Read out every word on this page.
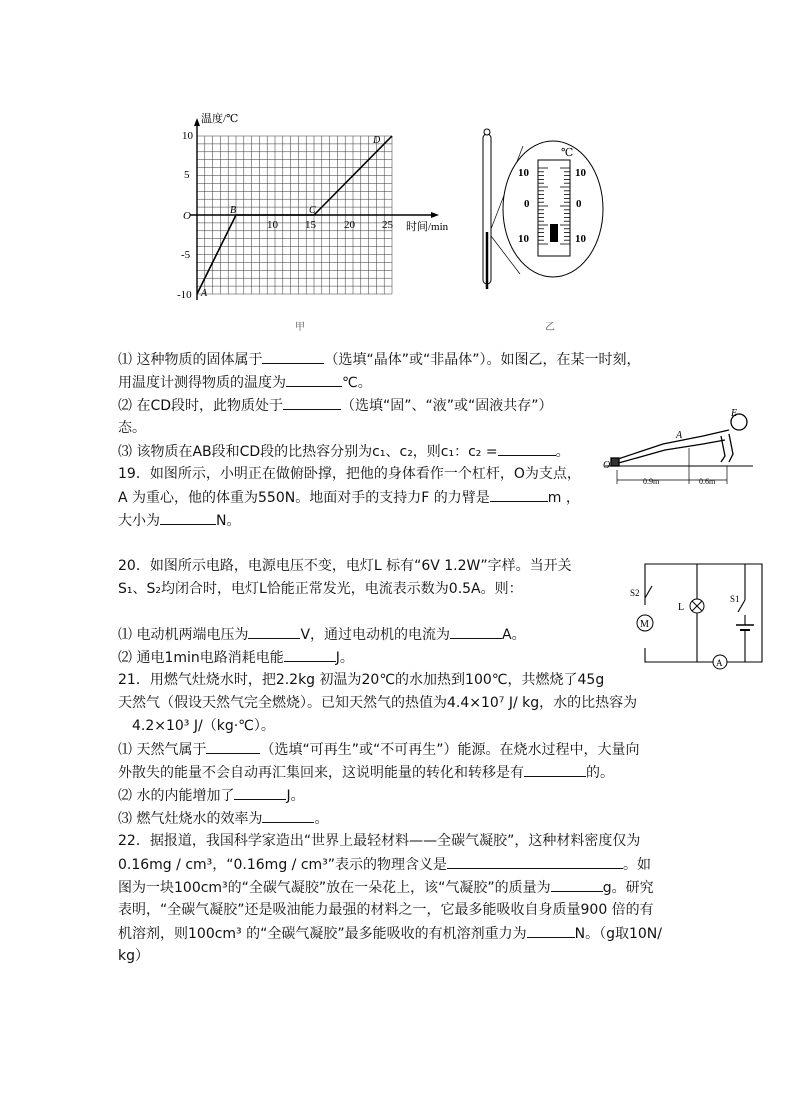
温度/℃
时间/min
10
5
O
-5
-10
10 15	20 25
A
B	C
D
甲
℃
10
0
10
10
0
10
乙
E
A
O
0.9m	0.6m
S2
S1
L
M
A
⑴ 这种物质的固体属于	（选填“晶体”或“非晶体”）。如图乙，在某一时刻，
用温度计测得物质的温度为	℃。
⑵ 在CD段时，此物质处于	（选填“固”、“液”或“固液共存”）
态。
⑶ 该物质在AB段和CD段的比热容分别为c₁、c₂，则c₁：c₂ =	。
19．如图所示，小明正在做俯卧撑，把他的身体看作一个杠杆，O为支点，
A 为重心，他的体重为550N。地面对手的支持力F 的力臂是	m ，
大小为	N。
20．如图所示电路，电源电压不变，电灯L 标有“6V 1.2W”字样。当开关
S₁、S₂均闭合时，电灯L恰能正常发光，电流表示数为0.5A。则：
⑴ 电动机两端电压为	V，通过电动机的电流为	A。
⑵ 通电1min电路消耗电能	J。
21．用燃气灶烧水时，把2.2kg 初温为20℃的水加热到100℃，共燃烧了45g
天然气（假设天然气完全燃烧）。已知天然气的热值为4.4×10⁷ J/ kg，水的比热容为
4.2×10³ J/（kg·℃）。
⑴ 天然气属于	（选填“可再生”或“不可再生”）能源。在烧水过程中，大量向
外散失的能量不会自动再汇集回来，这说明能量的转化和转移是有	的。
⑵ 水的内能增加了	J。
⑶ 燃气灶烧水的效率为	。
22．据报道，我国科学家造出“世界上最轻材料——全碳气凝胶”，这种材料密度仅为
0.16mg / cm³，“0.16mg / cm³”表示的物理含义是	。如
图为一块100cm³的“全碳气凝胶”放在一朵花上，该“气凝胶”的质量为	g。研究
表明，“全碳气凝胶”还是吸油能力最强的材料之一，它最多能吸收自身质量900 倍的有
机溶剂，则100cm³ 的“全碳气凝胶”最多能吸收的有机溶剂重力为	N。（g取10N/
kg）
